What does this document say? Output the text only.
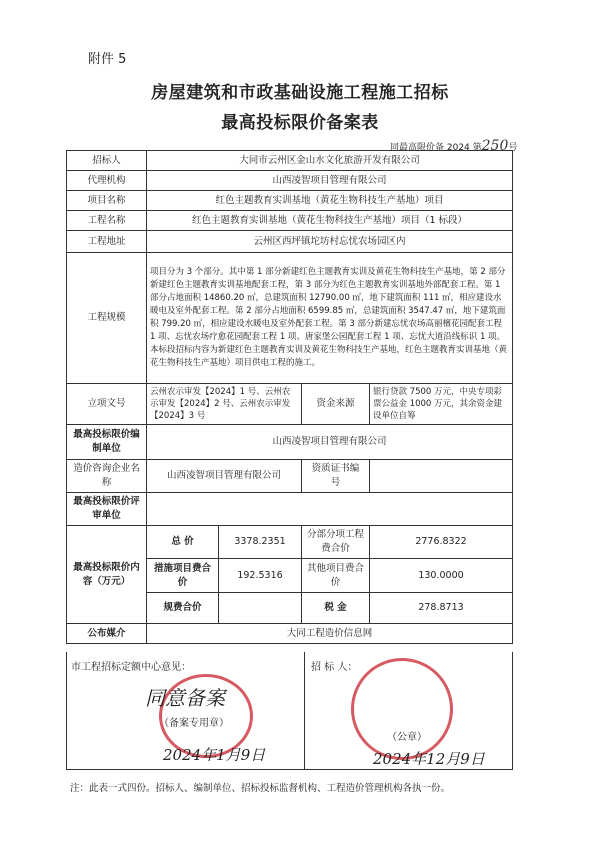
附件 5
房屋建筑和市政基础设施工程施工招标
最高投标限价备案表
同最高限价备 2024 第250号
招标人	大同市云州区金山水文化旅游开发有限公司			
代理机构	山西凌智项目管理有限公司			
项目名称	红色主题教育实训基地（黄花生物科技生产基地）项目			
工程名称	红色主题教育实训基地（黄花生物科技生产基地）项目（1 标段）			
工程地址	云州区西坪镇坨坊村忘忧农场园区内			
工程规模	项目分为 3 个部分。其中第 1 部分新建红色主题教育实训及黄花生物科技生产基地，第 2 部分新建红色主题教育实训基地配套工程，第 3 部分为红色主题教育实训基地外部配套工程。第 1 部分占地面积 14860.20 ㎡，总建筑面积 12790.00 ㎡，地下建筑面积 111 ㎡，相应建设水暖电及室外配套工程。第 2 部分占地面积 6599.85 ㎡，总建筑面积 3547.47 ㎡，地下建筑面积 799.20 ㎡，相应建设水暖电及室外配套工程。第 3 部分新建忘忧农场高丽檀花园配套工程 1 项、忘忧农场疗愈花园配套工程 1 项、唐家堡公园配套工程 1 项、忘忧大道沿线标识 1 项。本标段招标内容为新建红色主题教育实训及黄花生物科技生产基地，红色主题教育实训基地（黄花生物科技生产基地）项目供电工程的施工。			
立项文号	云州农示审发【2024】1 号、云州农示审发【2024】2 号、云州农示审发【2024】3 号		资金来源	银行贷款 7500 万元，中央专项彩票公益金 1000 万元，其余资金建设单位自筹
最高投标限价编制单位	山西凌智项目管理有限公司			
造价咨询企业名称	山西凌智项目管理有限公司		资质证书编　号	
最高投标限价评审单位				
最高投标限价内容（万元）	总 价	3378.2351	分部分项工程费合价	2776.8322
	措施项目费合价	192.5316	其他项目费合价	130.0000
	规费合价		税 金	278.8713
公布媒介	大同工程造价信息网			
市工程招标定额中心意见：
同意备案
（备案专用章）
2024年1月9日
招 标 人：
（公章）
2024年12月9日
注：此表一式四份。招标人、编制单位、招标投标监督机构、工程造价管理机构各执一份。
